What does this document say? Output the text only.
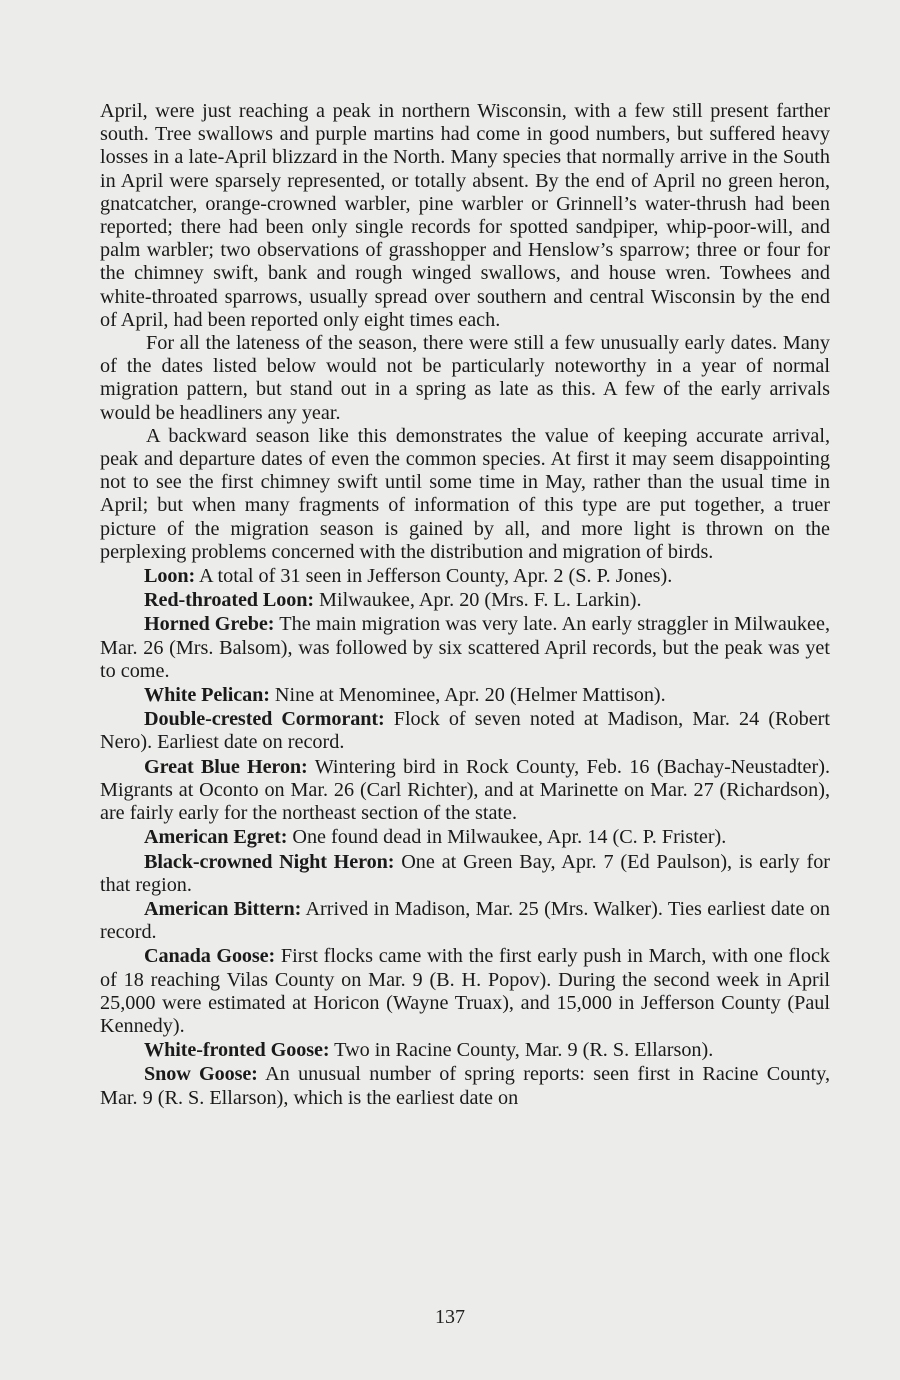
April, were just reaching a peak in northern Wisconsin, with a few still present farther south. Tree swallows and purple martins had come in good numbers, but suffered heavy losses in a late-April blizzard in the North. Many species that normally arrive in the South in April were sparsely represented, or totally absent. By the end of April no green heron, gnatcatcher, orange-crowned warbler, pine warbler or Grinnell’s water-thrush had been reported; there had been only single records for spotted sandpiper, whip-poor-will, and palm warbler; two observations of grasshopper and Henslow’s sparrow; three or four for the chimney swift, bank and rough winged swallows, and house wren. Towhees and white-throated sparrows, usually spread over southern and central Wisconsin by the end of April, had been reported only eight times each.

For all the lateness of the season, there were still a few unusually early dates. Many of the dates listed below would not be particularly noteworthy in a year of normal migration pattern, but stand out in a spring as late as this. A few of the early arrivals would be headliners any year.

A backward season like this demonstrates the value of keeping accurate arrival, peak and departure dates of even the common species. At first it may seem disappointing not to see the first chimney swift until some time in May, rather than the usual time in April; but when many fragments of information of this type are put together, a truer picture of the migration season is gained by all, and more light is thrown on the perplexing problems concerned with the distribution and migration of birds.

Loon: A total of 31 seen in Jefferson County, Apr. 2 (S. P. Jones).

Red-throated Loon: Milwaukee, Apr. 20 (Mrs. F. L. Larkin).

Horned Grebe: The main migration was very late. An early straggler in Milwaukee, Mar. 26 (Mrs. Balsom), was followed by six scattered April records, but the peak was yet to come.

White Pelican: Nine at Menominee, Apr. 20 (Helmer Mattison).

Double-crested Cormorant: Flock of seven noted at Madison, Mar. 24 (Robert Nero). Earliest date on record.

Great Blue Heron: Wintering bird in Rock County, Feb. 16 (Bachay-Neustadter). Migrants at Oconto on Mar. 26 (Carl Richter), and at Marinette on Mar. 27 (Richardson), are fairly early for the northeast section of the state.

American Egret: One found dead in Milwaukee, Apr. 14 (C. P. Frister).

Black-crowned Night Heron: One at Green Bay, Apr. 7 (Ed Paulson), is early for that region.

American Bittern: Arrived in Madison, Mar. 25 (Mrs. Walker). Ties earliest date on record.

Canada Goose: First flocks came with the first early push in March, with one flock of 18 reaching Vilas County on Mar. 9 (B. H. Popov). During the second week in April 25,000 were estimated at Horicon (Wayne Truax), and 15,000 in Jefferson County (Paul Kennedy).

White-fronted Goose: Two in Racine County, Mar. 9 (R. S. Ellarson).

Snow Goose: An unusual number of spring reports: seen first in Racine County, Mar. 9 (R. S. Ellarson), which is the earliest date on

137
